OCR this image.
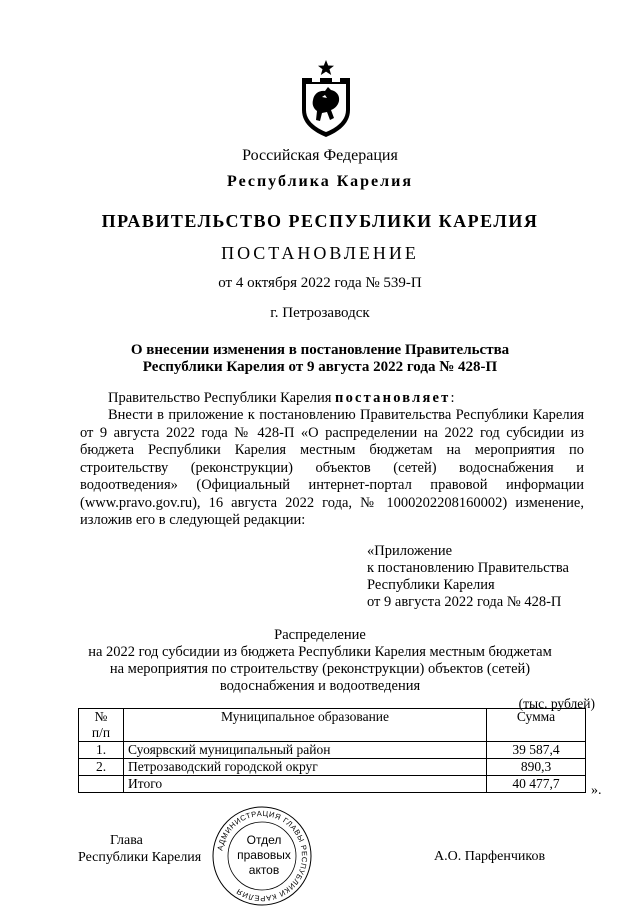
Российская Федерация
Республика Карелия
ПРАВИТЕЛЬСТВО РЕСПУБЛИКИ КАРЕЛИЯ
ПОСТАНОВЛЕНИЕ
от 4 октября 2022 года № 539-П
г. Петрозаводск
О внесении изменения в постановление Правительства
Республики Карелия от 9 августа 2022 года № 428-П
Правительство Республики Карелия постановляет:
Внести в приложение к постановлению Правительства Республики Карелия от 9 августа 2022 года № 428-П «О распределении на 2022 год субсидии из бюджета Республики Карелия местным бюджетам на мероприятия по строительству (реконструкции) объектов (сетей) водоснабжения и водоотведения» (Официальный интернет-портал правовой информации (www.pravo.gov.ru), 16 августа 2022 года, № 1000202208160002) изменение, изложив его в следующей редакции:
«Приложение
к постановлению Правительства
Республики Карелия
от 9 августа 2022 года № 428-П
Распределение
на 2022 год субсидии из бюджета Республики Карелия местным бюджетам
на мероприятия по строительству (реконструкции) объектов (сетей)
водоснабжения и водоотведения
(тыс. рублей)
№
п/п	Муниципальное образование	Сумма
1.	Суоярвский муниципальный район	39 587,4
2.	Петрозаводский городской округ	890,3
	Итого	40 477,7 ».
Глава
Республики Карелия
АДМИНИСТРАЦИЯ ГЛАВЫ РЕСПУБЛИКИ КАРЕЛИЯ
Отдел
правовых
актов
А.О. Парфенчиков
